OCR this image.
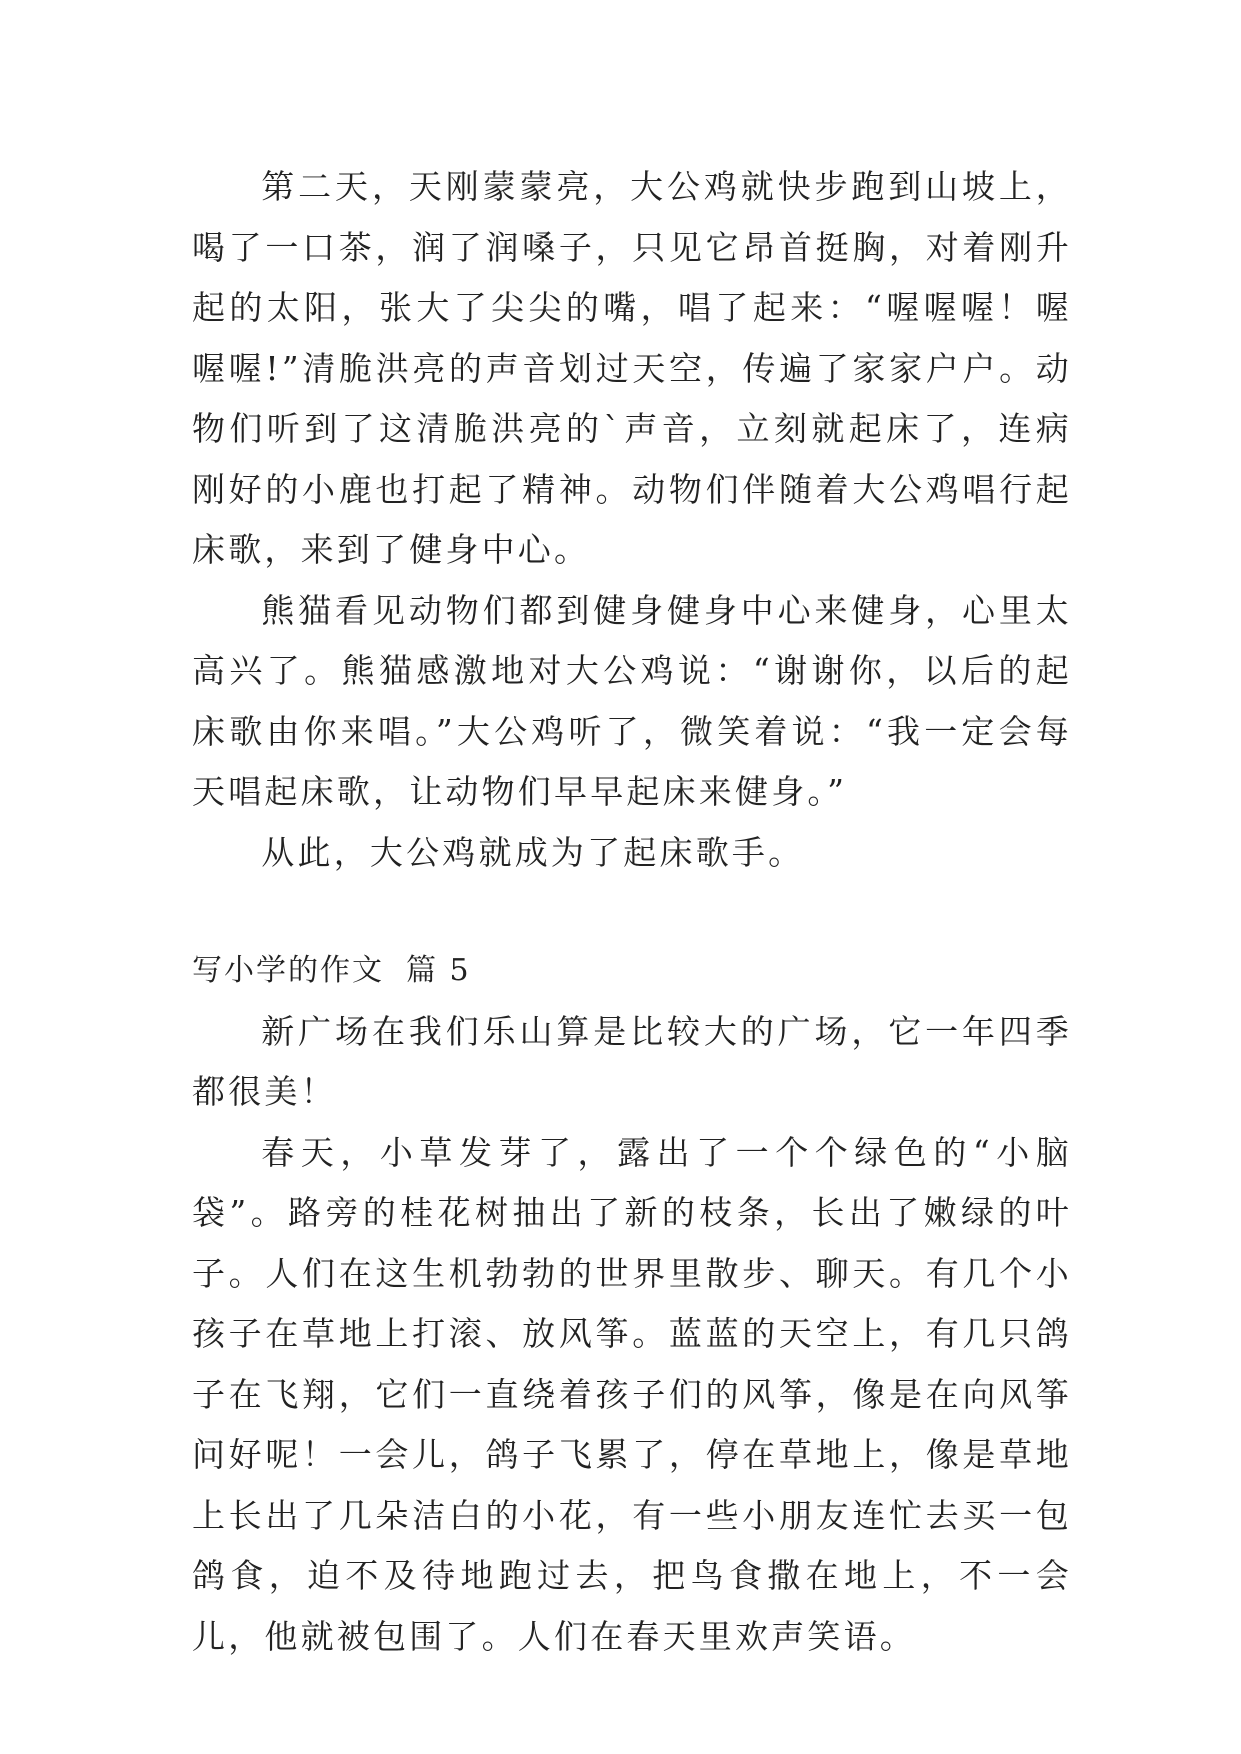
第二天，天刚蒙蒙亮，大公鸡就快步跑到山坡上，喝了一口茶，润了润嗓子，只见它昂首挺胸，对着刚升起的太阳，张大了尖尖的嘴，唱了起来：“喔喔喔！喔喔喔!”清脆洪亮的声音划过天空，传遍了家家户户。动物们听到了这清脆洪亮的`声音，立刻就起床了，连病刚好的小鹿也打起了精神。动物们伴随着大公鸡唱行起床歌，来到了健身中心。

熊猫看见动物们都到健身健身中心来健身，心里太高兴了。熊猫感激地对大公鸡说：“谢谢你，以后的起床歌由你来唱。”大公鸡听了，微笑着说：“我一定会每天唱起床歌，让动物们早早起床来健身。”

从此，大公鸡就成为了起床歌手。

写小学的作文 篇 5

新广场在我们乐山算是比较大的广场，它一年四季都很美！

春天，小草发芽了，露出了一个个绿色的“小脑袋”。路旁的桂花树抽出了新的枝条，长出了嫩绿的叶子。人们在这生机勃勃的世界里散步、聊天。有几个小孩子在草地上打滚、放风筝。蓝蓝的天空上，有几只鸽子在飞翔，它们一直绕着孩子们的风筝，像是在向风筝问好呢！一会儿，鸽子飞累了，停在草地上，像是草地上长出了几朵洁白的小花，有一些小朋友连忙去买一包鸽食，迫不及待地跑过去，把鸟食撒在地上，不一会儿，他就被包围了。人们在春天里欢声笑语。
